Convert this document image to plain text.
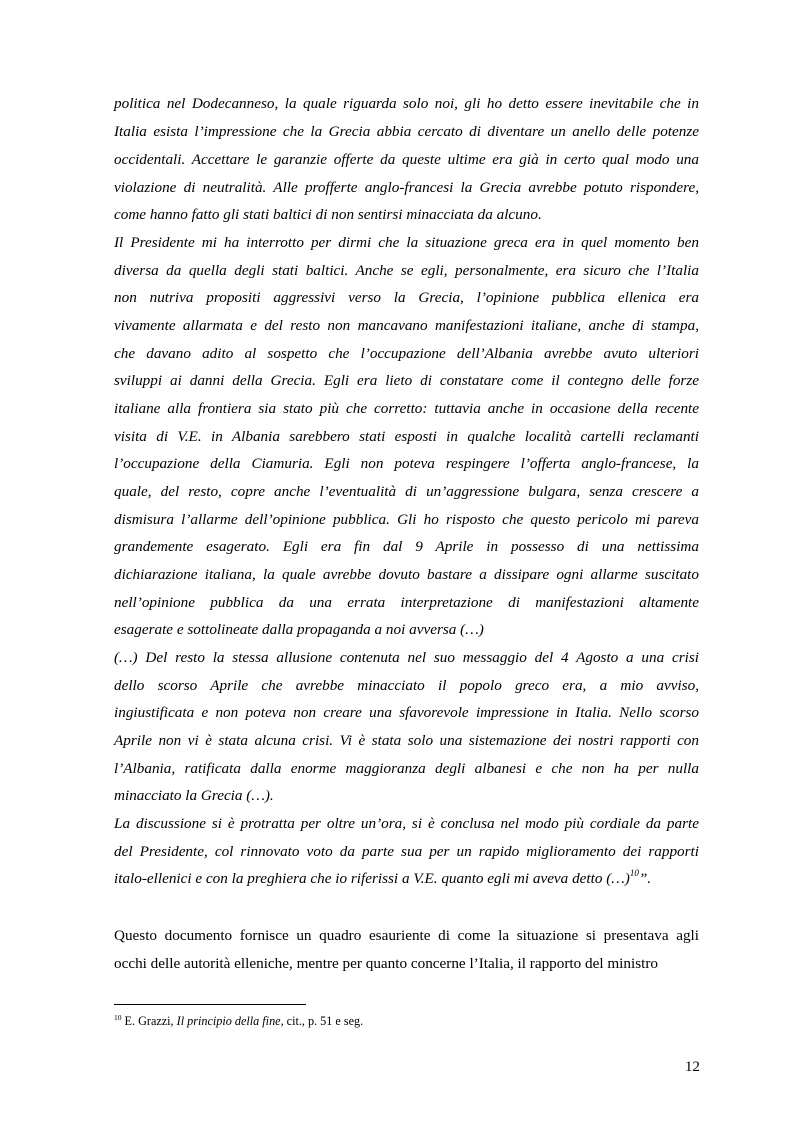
politica nel Dodecanneso, la quale riguarda solo noi, gli ho detto essere inevitabile che in
Italia esista l’impressione che la Grecia abbia cercato di diventare un anello delle potenze
occidentali. Accettare le garanzie offerte da queste ultime era già in certo qual modo una
violazione di neutralità. Alle profferte anglo-francesi la Grecia avrebbe potuto rispondere,
come hanno fatto gli stati baltici di non sentirsi minacciata da alcuno.
Il Presidente mi ha interrotto per dirmi che la situazione greca era in quel momento ben
diversa da quella degli stati baltici. Anche se egli, personalmente, era sicuro che l’Italia
non nutriva propositi aggressivi verso la Grecia, l’opinione pubblica ellenica era
vivamente allarmata e del resto non mancavano manifestazioni italiane, anche di stampa,
che davano adito al sospetto che l’occupazione dell’Albania avrebbe avuto ulteriori
sviluppi ai danni della Grecia. Egli era lieto di constatare come il contegno delle forze
italiane alla frontiera sia stato più che corretto: tuttavia anche in occasione della recente
visita di V.E. in Albania sarebbero stati esposti in qualche località cartelli reclamanti
l’occupazione della Ciamuria. Egli non poteva respingere l’offerta anglo-francese, la
quale, del resto, copre anche l’eventualità di un’aggressione bulgara, senza crescere a
dismisura l’allarme dell’opinione pubblica. Gli ho risposto che questo pericolo mi pareva
grandemente esagerato. Egli era fin dal 9 Aprile in possesso di una nettissima
dichiarazione italiana, la quale avrebbe dovuto bastare a dissipare ogni allarme suscitato
nell’opinione pubblica da una errata interpretazione di manifestazioni altamente
esagerate e sottolineate dalla propaganda a noi avversa (…)
(…) Del resto la stessa allusione contenuta nel suo messaggio del 4 Agosto a una crisi
dello scorso Aprile che avrebbe minacciato il popolo greco era, a mio avviso,
ingiustificata e non poteva non creare una sfavorevole impressione in Italia. Nello scorso
Aprile non vi è stata alcuna crisi. Vi è stata solo una sistemazione dei nostri rapporti con
l’Albania, ratificata dalla enorme maggioranza degli albanesi e che non ha per nulla
minacciato la Grecia (…).
La discussione si è protratta per oltre un’ora, si è conclusa nel modo più cordiale da parte
del Presidente, col rinnovato voto da parte sua per un rapido miglioramento dei rapporti
italo-ellenici e con la preghiera che io riferissi a V.E. quanto egli mi aveva detto (…)$^{10}$”.
Questo documento fornisce un quadro esauriente di come la situazione si presentava agli
occhi delle autorità elleniche, mentre per quanto concerne l’Italia, il rapporto del ministro
$^{10}$ E. Grazzi, Il principio della fine, cit., p. 51 e seg.
12
